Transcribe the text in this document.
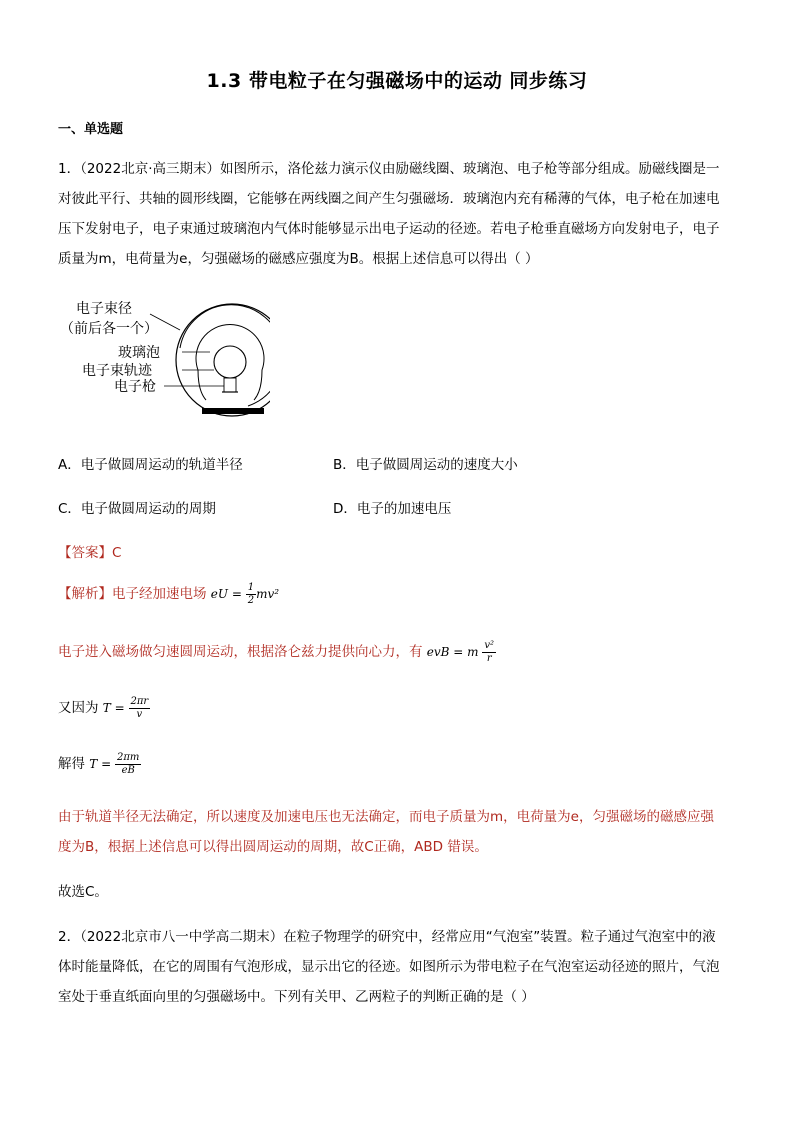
1.3 带电粒子在匀强磁场中的运动 同步练习
一、单选题
1．（2022北京·高三期末）如图所示，洛伦兹力演示仪由励磁线圈、玻璃泡、电子枪等部分组成。励磁线圈是一
对彼此平行、共轴的圆形线圈，它能够在两线圈之间产生匀强磁场．玻璃泡内充有稀薄的气体，电子枪在加速电
压下发射电子，电子束通过玻璃泡内气体时能够显示出电子运动的径迹。若电子枪垂直磁场方向发射电子，电子
质量为m，电荷量为e，匀强磁场的磁感应强度为B。根据上述信息可以得出（ ）
电子束径
（前后各一个）
玻璃泡
电子束轨迹
电子枪
A．电子做圆周运动的轨道半径	B．电子做圆周运动的速度大小
C．电子做圆周运动的周期	D．电子的加速电压
【答案】C
【解析】电子经加速电场 eU = $\frac{1}{2} mv^2$
电子进入磁场做匀速圆周运动，根据洛仑兹力提供向心力，有 evB = m $\frac{\text{v²}}{r}$
又因为 $T = \frac{2\pi r}{v}$
解得 $T = \frac{2\pi m}{eB}$
由于轨道半径无法确定，所以速度及加速电压也无法确定，而电子质量为m，电荷量为e，匀强磁场的磁感应强
度为B，根据上述信息可以得出圆周运动的周期，故C正确，ABD 错误。
故选C。
2．（2022北京市八一中学高二期末）在粒子物理学的研究中，经常应用“气泡室”装置。粒子通过气泡室中的液
体时能量降低，在它的周围有气泡形成，显示出它的径迹。如图所示为带电粒子在气泡室运动径迹的照片，气泡
室处于垂直纸面向里的匀强磁场中。下列有关甲、乙两粒子的判断正确的是（ ）
